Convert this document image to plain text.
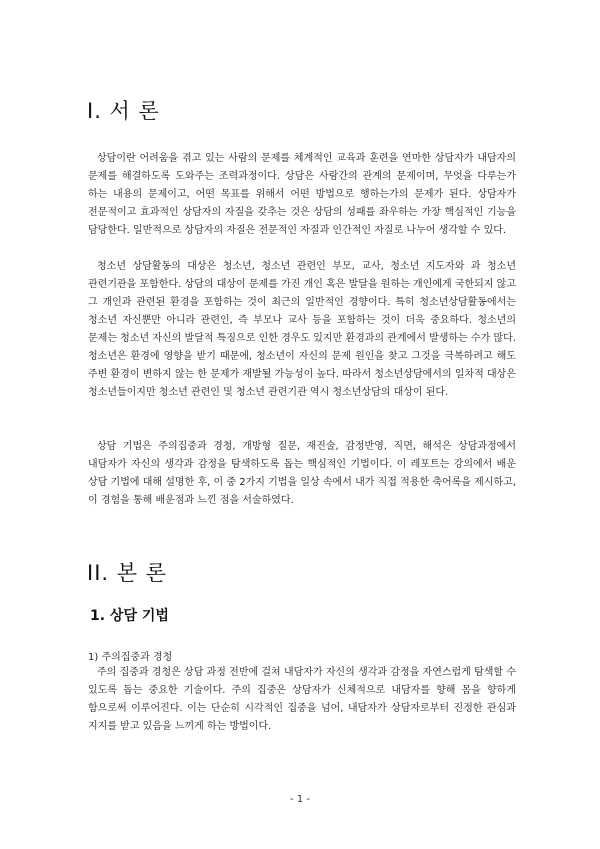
I. 서 론

상담이란 어려움을 겪고 있는 사람의 문제를 체계적인 교육과 훈련을 연마한 상담자가 내담자의 문제를 해결하도록 도와주는 조력과정이다. 상담은 사람간의 관계의 문제이며, 무엇을 다루는가 하는 내용의 문제이고, 어떤 목표를 위해서 어떤 방법으로 행하는가의 문제가 된다. 상담자가 전문적이고 효과적인 상담자의 자질을 갖추는 것은 상담의 성패를 좌우하는 가장 핵심적인 기능을 담당한다. 일반적으로 상담자의 자질은 전문적인 자질과 인간적인 자질로 나누어 생각할 수 있다.

청소년 상담활동의 대상은 청소년, 청소년 관련인 부모, 교사, 청소년 지도자와 과 청소년 관련기관을 포함한다. 상담의 대상이 문제를 가진 개인 혹은 발달을 원하는 개인에게 국한되지 않고 그 개인과 관련된 환경을 포함하는 것이 최근의 일반적인 경향이다. 특히 청소년상담활동에서는 청소년 자신뿐만 아니라 관련인, 즉 부모나 교사 등을 포함하는 것이 더욱 중요하다. 청소년의 문제는 청소년 자신의 발달적 특징으로 인한 경우도 있지만 환경과의 관계에서 발생하는 수가 많다. 청소년은 환경에 영향을 받기 때문에, 청소년이 자신의 문제 원인을 찾고 그것을 극복하려고 해도 주변 환경이 변하지 않는 한 문제가 재발될 가능성이 높다. 따라서 청소년상담에서의 일차적 대상은 청소년들이지만 청소년 관련인 및 청소년 관련기관 역시 청소년상담의 대상이 된다.

상담 기법은 주의집중과 경청, 개방형 질문, 재진술, 감정반영, 직면, 해석은 상담과정에서 내담자가 자신의 생각과 감정을 탐색하도록 돕는 핵심적인 기법이다. 이 레포트는 강의에서 배운 상담 기법에 대해 설명한 후, 이 중 2가지 기법을 일상 속에서 내가 직접 적용한 축어록을 제시하고, 이 경험을 통해 배운점과 느낀 점을 서술하였다.

II. 본 론
1. 상담 기법
1) 주의집중과 경청

주의 집중과 경청은 상담 과정 전반에 걸쳐 내담자가 자신의 생각과 감정을 자연스럽게 탐색할 수 있도록 돕는 중요한 기술이다. 주의 집중은 상담자가 신체적으로 내담자를 향해 몸을 향하게 함으로써 이루어진다. 이는 단순히 시각적인 집중을 넘어, 내담자가 상담자로부터 진정한 관심과 지지를 받고 있음을 느끼게 하는 방법이다.

- 1 -
